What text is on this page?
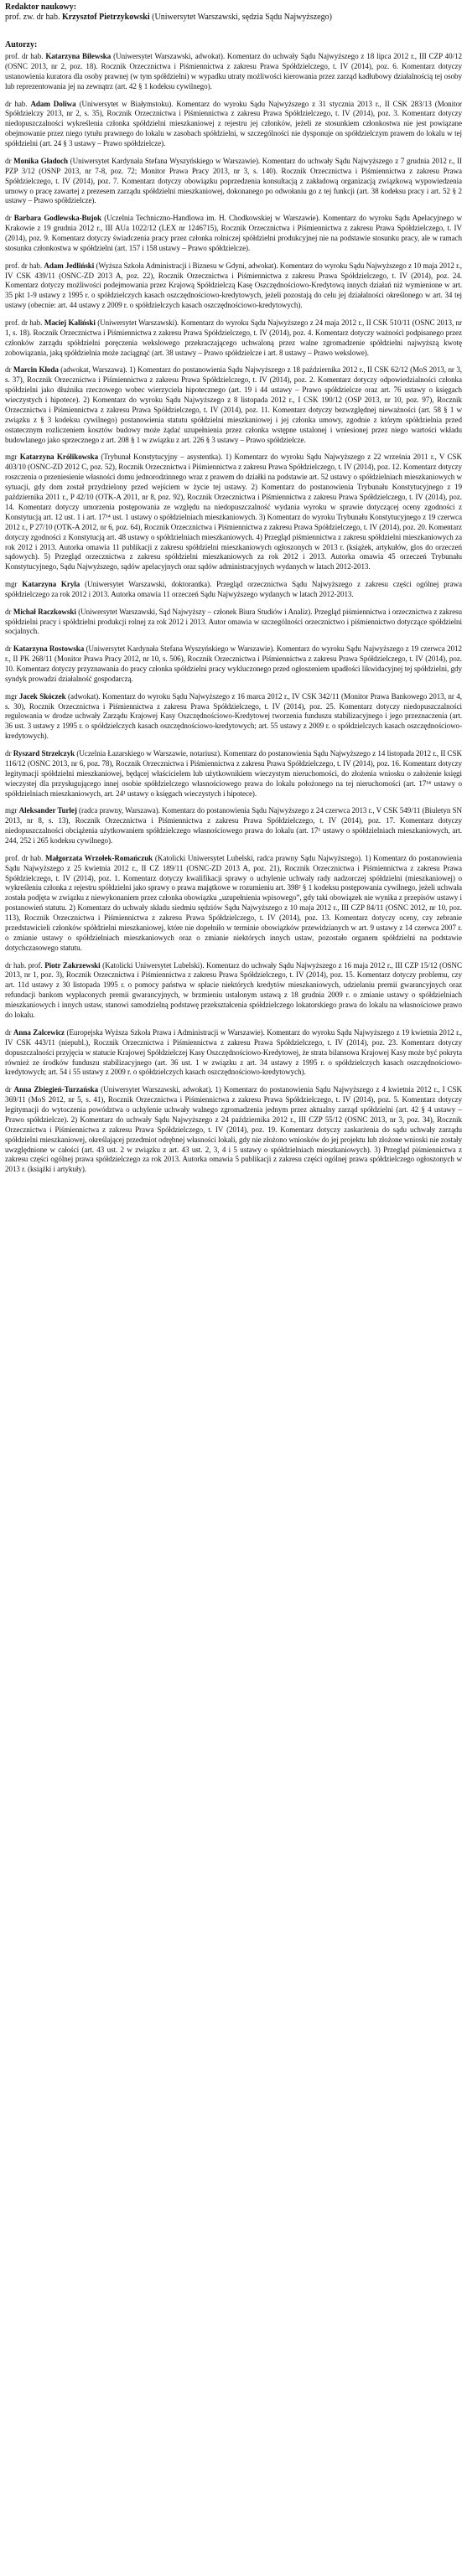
Redaktor naukowy:
prof. zw. dr hab. Krzysztof Pietrzykowski (Uniwersytet Warszawski, sędzia Sądu Najwyższego)
Autorzy:

prof. dr hab. Katarzyna Bilewska (Uniwersytet Warszawski, adwokat). Komentarz do uchwały Sądu Najwyższego z 18 lipca 2012 r., III CZP 40/12 (OSNC 2013, nr 2, poz. 18). Rocznik Orzecznictwa i Piśmiennictwa z zakresu Prawa Spółdzielczego, t. IV (2014), poz. 6. Komentarz dotyczy ustanowienia kuratora dla osoby prawnej (w tym spółdzielni) w wypadku utraty możliwości kierowania przez zarząd kadłubowy działalnością tej osoby lub reprezentowania jej na zewnątrz (art. 42 § 1 kodeksu cywilnego).

dr hab. Adam Doliwa (Uniwersytet w Białymstoku). Komentarz do wyroku Sądu Najwyższego z 31 stycznia 2013 r., II CSK 283/13 (Monitor Spółdzielczy 2013, nr 2, s. 35), Rocznik Orzecznictwa i Piśmiennictwa z zakresu Prawa Spółdzielczego, t. IV (2014), poz. 3. Komentarz dotyczy niedopuszczalności wykreślenia członka spółdzielni mieszkaniowej z rejestru jej członków, jeżeli ze stosunkiem członkostwa nie jest powiązane obejmowanie przez niego tytułu prawnego do lokalu w zasobach spółdzielni, w szczególności nie dysponuje on spółdzielczym prawem do lokalu w tej spółdzielni (art. 24 § 3 ustawy – Prawo spółdzielcze).

dr Monika Gładoch (Uniwersytet Kardynała Stefana Wyszyńskiego w Warszawie). Komentarz do uchwały Sądu Najwyższego z 7 grudnia 2012 r., II PZP 3/12 (OSNP 2013, nr 7-8, poz. 72; Monitor Prawa Pracy 2013, nr 3, s. 140). Rocznik Orzecznictwa i Piśmiennictwa z zakresu Prawa Spółdzielczego, t. IV (2014), poz. 7. Komentarz dotyczy obowiązku poprzedzenia konsultacją z zakładową organizacją związkową wypowiedzenia umowy o pracę zawartej z prezesem zarządu spółdzielni mieszkaniowej, dokonanego po odwołaniu go z tej funkcji (art. 38 kodeksu pracy i art. 52 § 2 ustawy – Prawo spółdzielcze).

dr Barbara Godlewska-Bujok (Uczelnia Techniczno-Handlowa im. H. Chodkowskiej w Warszawie). Komentarz do wyroku Sądu Apelacyjnego w Krakowie z 19 grudnia 2012 r., III AUa 1022/12 (LEX nr 1246715), Rocznik Orzecznictwa i Piśmiennictwa z zakresu Prawa Spółdzielczego, t. IV (2014), poz. 9. Komentarz dotyczy świadczenia pracy przez członka rolniczej spółdzielni produkcyjnej nie na podstawie stosunku pracy, ale w ramach stosunku członkostwa w spółdzielni (art. 157 i 158 ustawy – Prawo spółdzielcze).

prof. dr hab. Adam Jedliński (Wyższa Szkoła Administracji i Biznesu w Gdyni, adwokat). Komentarz do wyroku Sądu Najwyższego z 10 maja 2012 r., IV CSK 439/11 (OSNC-ZD 2013 A, poz. 22), Rocznik Orzecznictwa i Piśmiennictwa z zakresu Prawa Spółdzielczego, t. IV (2014), poz. 24. Komentarz dotyczy możliwości podejmowania przez Krajową Spółdzielczą Kasę Oszczędnościowo-Kredytową innych działań niż wymienione w art. 35 pkt 1-9 ustawy z 1995 r. o spółdzielczych kasach oszczędnościowo-kredytowych, jeżeli pozostają do celu jej działalności określonego w art. 34 tej ustawy (obecnie: art. 44 ustawy z 2009 r. o spółdzielczych kasach oszczędnościowo-kredytowych).

prof. dr hab. Maciej Kaliński (Uniwersytet Warszawski). Komentarz do wyroku Sądu Najwyższego z 24 maja 2012 r., II CSK 510/11 (OSNC 2013, nr 1, s. 18). Rocznik Orzecznictwa i Piśmiennictwa z zakresu Prawa Spółdzielczego, t. IV (2014), poz. 4. Komentarz dotyczy ważności podpisanego przez członków zarządu spółdzielni poręczenia wekslowego przekraczającego uchwaloną przez walne zgromadzenie spółdzielni najwyższą kwotę zobowiązania, jaką spółdzielnia może zaciągnąć (art. 38 ustawy – Prawo spółdzielcze i art. 8 ustawy – Prawo wekslowe).

dr Marcin Kłoda (adwokat, Warszawa). 1) Komentarz do postanowienia Sądu Najwyższego z 18 października 2012 r., II CSK 62/12 (MoS 2013, nr 3, s. 37), Rocznik Orzecznictwa i Piśmiennictwa z zakresu Prawa Spółdzielczego, t. IV (2014), poz. 2. Komentarz dotyczy odpowiedzialności członka spółdzielni jako dłużnika rzeczowego wobec wierzyciela hipotecznego (art. 19 i 44 ustawy – Prawo spółdzielcze oraz art. 76 ustawy o księgach wieczystych i hipotece). 2) Komentarz do wyroku Sądu Najwyższego z 8 listopada 2012 r., I CSK 190/12 (OSP 2013, nr 10, poz. 97), Rocznik Orzecznictwa i Piśmiennictwa z zakresu Prawa Spółdzielczego, t. IV (2014), poz. 11. Komentarz dotyczy bezwzględnej nieważności (art. 58 § 1 w związku z § 3 kodeksu cywilnego) postanowienia statutu spółdzielni mieszkaniowej i jej członka umowy, zgodnie z którym spółdzielnia przed ostatecznym rozliczeniem kosztów budowy może żądać uzupełnienia przez członka wstępne ustalonej i wniesionej przez niego wartości wkładu budowlanego jako sprzecznego z art. 208 § 1 w związku z art. 226 § 3 ustawy – Prawo spółdzielcze.

mgr Katarzyna Królikowska (Trybunał Konstytucyjny – asystentka). 1) Komentarz do wyroku Sądu Najwyższego z 22 września 2011 r., V CSK 403/10 (OSNC-ZD 2012 C, poz. 52), Rocznik Orzecznictwa i Piśmiennictwa z zakresu Prawa Spółdzielczego, t. IV (2014), poz. 12. Komentarz dotyczy roszczenia o przeniesienie własności domu jednorodzinnego wraz z prawem do działki na podstawie art. 52 ustawy o spółdzielniach mieszkaniowych w sytuacji, gdy dom został przydzielony przed wejściem w życie tej ustawy. 2) Komentarz do postanowienia Trybunału Konstytucyjnego z 19 października 2011 r., P 42/10 (OTK-A 2011, nr 8, poz. 92), Rocznik Orzecznictwa i Piśmiennictwa z zakresu Prawa Spółdzielczego, t. IV (2014), poz. 14. Komentarz dotyczy umorzenia postępowania ze względu na niedopuszczalność wydania wyroku w sprawie dotyczącej oceny zgodności z Konstytucją art. 12 ust. 1 i art. 17¹⁴ ust. 1 ustawy o spółdzielniach mieszkaniowych. 3) Komentarz do wyroku Trybunału Konstytucyjnego z 19 czerwca 2012 r., P 27/10 (OTK-A 2012, nr 6, poz. 64), Rocznik Orzecznictwa i Piśmiennictwa z zakresu Prawa Spółdzielczego, t. IV (2014), poz. 20. Komentarz dotyczy zgodności z Konstytucją art. 48 ustawy o spółdzielniach mieszkaniowych. 4) Przegląd piśmiennictwa z zakresu spółdzielni mieszkaniowych za rok 2012 i 2013. Autorka omawia 11 publikacji z zakresu spółdzielni mieszkaniowych ogłoszonych w 2013 r. (książek, artykułów, glos do orzeczeń sądowych). 5) Przegląd orzecznictwa z zakresu spółdzielni mieszkaniowych za rok 2012 i 2013. Autorka omawia 45 orzeczeń Trybunału Konstytucyjnego, Sądu Najwyższego, sądów apelacyjnych oraz sądów administracyjnych wydanych w latach 2012-2013.

mgr Katarzyna Kryla (Uniwersytet Warszawski, doktorantka). Przegląd orzecznictwa Sądu Najwyższego z zakresu części ogólnej prawa spółdzielczego za rok 2012 i 2013. Autorka omawia 11 orzeczeń Sądu Najwyższego wydanych w latach 2012-2013.

dr Michał Raczkowski (Uniwersytet Warszawski, Sąd Najwyższy – członek Biura Studiów i Analiz). Przegląd piśmiennictwa i orzecznictwa z zakresu spółdzielni pracy i spółdzielni produkcji rolnej za rok 2012 i 2013. Autor omawia w szczególności orzecznictwo i piśmiennictwo dotyczące spółdzielni socjalnych.

dr Katarzyna Rostowska (Uniwersytet Kardynała Stefana Wyszyńskiego w Warszawie). Komentarz do wyroku Sądu Najwyższego z 19 czerwca 2012 r., II PK 268/11 (Monitor Prawa Pracy 2012, nr 10, s. 506), Rocznik Orzecznictwa i Piśmiennictwa z zakresu Prawa Spółdzielczego, t. IV (2014), poz. 10. Komentarz dotyczy przyznawania do pracy członka spółdzielni pracy wykluczonego przed ogłoszeniem upadłości likwidacyjnej tej spółdzielni, gdy syndyk prowadzi działalność gospodarczą.

mgr Jacek Skóczek (adwokat). Komentarz do wyroku Sądu Najwyższego z 16 marca 2012 r., IV CSK 342/11 (Monitor Prawa Bankowego 2013, nr 4, s. 30), Rocznik Orzecznictwa i Piśmiennictwa z zakresu Prawa Spółdzielczego, t. IV (2014), poz. 25. Komentarz dotyczy niedopuszczalności regulowania w drodze uchwały Zarządu Krajowej Kasy Oszczędnościowo-Kredytowej tworzenia funduszu stabilizacyjnego i jego przeznaczenia (art. 36 ust. 3 ustawy z 1995 r. o spółdzielczych kasach oszczędnościowo-kredytowych; art. 55 ustawy z 2009 r. o spółdzielczych kasach oszczędnościowo-kredytowych).

dr Ryszard Strzelczyk (Uczelnia Łazarskiego w Warszawie, notariusz). Komentarz do postanowienia Sądu Najwyższego z 14 listopada 2012 r., II CSK 116/12 (OSNC 2013, nr 6, poz. 78), Rocznik Orzecznictwa i Piśmiennictwa z zakresu Prawa Spółdzielczego, t. IV (2014), poz. 16. Komentarz dotyczy legitymacji spółdzielni mieszkaniowej, będącej właścicielem lub użytkownikiem wieczystym nieruchomości, do złożenia wniosku o założenie księgi wieczystej dla przysługującego innej osobie spółdzielczego własnościowego prawa do lokalu położonego na tej nieruchomości (art. 17¹⁴ ustawy o spółdzielniach mieszkaniowych, art. 24¹ ustawy o księgach wieczystych i hipotece).

mgr Aleksander Turlej (radca prawny, Warszawa). Komentarz do postanowienia Sądu Najwyższego z 24 czerwca 2013 r., V CSK 549/11 (Biuletyn SN 2013, nr 8, s. 13), Rocznik Orzecznictwa i Piśmiennictwa z zakresu Prawa Spółdzielczego, t. IV (2014), poz. 17. Komentarz dotyczy niedopuszczalności obciążenia użytkowaniem spółdzielczego własnościowego prawa do lokalu (art. 17¹ ustawy o spółdzielniach mieszkaniowych, art. 244, 252 i 265 kodeksu cywilnego).

prof. dr hab. Małgorzata Wrzołek-Romańczuk (Katolicki Uniwersytet Lubelski, radca prawny Sądu Najwyższego). 1) Komentarz do postanowienia Sądu Najwyższego z 25 kwietnia 2012 r., II CZ 189/11 (OSNC-ZD 2013 A, poz. 21), Rocznik Orzecznictwa i Piśmiennictwa z zakresu Prawa Spółdzielczego, t. IV (2014), poz. 1. Komentarz dotyczy kwalifikacji sprawy o uchylenie uchwały rady nadzorczej spółdzielni (mieszkaniowej) o wykreśleniu członka z rejestru spółdzielni jako sprawy o prawa majątkowe w rozumieniu art. 398² § 1 kodeksu postępowania cywilnego, jeżeli uchwała została podjęta w związku z niewykonaniem przez członka obowiązku „uzupełnienia wpisowego”, gdy taki obowiązek nie wynika z przepisów ustawy i postanowień statutu. 2) Komentarz do uchwały składu siedmiu sędziów Sądu Najwyższego z 10 maja 2012 r., III CZP 84/11 (OSNC 2012, nr 10, poz. 113), Rocznik Orzecznictwa i Piśmiennictwa z zakresu Prawa Spółdzielczego, t. IV (2014), poz. 13. Komentarz dotyczy oceny, czy zebranie przedstawicieli członków spółdzielni mieszkaniowej, które nie dopełniło w terminie obowiązków przewidzianych w art. 9 ustawy z 14 czerwca 2007 r. o zmianie ustawy o spółdzielniach mieszkaniowych oraz o zmianie niektórych innych ustaw, pozostało organem spółdzielni na podstawie dotychczasowego statutu.

dr hab. prof. Piotr Zakrzewski (Katolicki Uniwersytet Lubelski). Komentarz do uchwały Sądu Najwyższego z 16 maja 2012 r., III CZP 15/12 (OSNC 2013, nr 1, poz. 3), Rocznik Orzecznictwa i Piśmiennictwa z zakresu Prawa Spółdzielczego, t. IV (2014), poz. 15. Komentarz dotyczy problemu, czy art. 11d ustawy z 30 listopada 1995 r. o pomocy państwa w spłacie niektórych kredytów mieszkaniowych, udzielaniu premii gwarancyjnych oraz refundacji bankom wypłaconych premii gwarancyjnych, w brzmieniu ustalonym ustawą z 18 grudnia 2009 r. o zmianie ustawy o spółdzielniach mieszkaniowych i innych ustaw, stanowi samodzielną podstawę przekształcenia spółdzielczego lokatorskiego prawa do lokalu na własnościowe prawo do lokalu.

dr Anna Zalcewicz (Europejska Wyższa Szkoła Prawa i Administracji w Warszawie). Komentarz do wyroku Sądu Najwyższego z 19 kwietnia 2012 r., IV CSK 443/11 (niepubl.), Rocznik Orzecznictwa i Piśmiennictwa z zakresu Prawa Spółdzielczego, t. IV (2014), poz. 23. Komentarz dotyczy dopuszczalności przyjęcia w statucie Krajowej Spółdzielczej Kasy Oszczędnościowo-Kredytowej, że strata bilansowa Krajowej Kasy może być pokryta również ze środków funduszu stabilizacyjnego (art. 36 ust. 1 w związku z art. 34 ustawy z 1995 r. o spółdzielczych kasach oszczędnościowo-kredytowych; art. 54 i 55 ustawy z 2009 r. o spółdzielczych kasach oszczędnościowo-kredytowych).

dr Anna Zbiegień-Turzańska (Uniwersytet Warszawski, adwokat). 1) Komentarz do postanowienia Sądu Najwyższego z 4 kwietnia 2012 r., I CSK 369/11 (MoS 2012, nr 5, s. 41), Rocznik Orzecznictwa i Piśmiennictwa z zakresu Prawa Spółdzielczego, t. IV (2014), poz. 5. Komentarz dotyczy legitymacji do wytoczenia powództwa o uchylenie uchwały walnego zgromadzenia jednym przez aktualny zarząd spółdzielni (art. 42 § 4 ustawy – Prawo spółdzielcze). 2) Komentarz do uchwały Sądu Najwyższego z 24 października 2012 r., III CZP 55/12 (OSNC 2013, nr 3, poz. 34), Rocznik Orzecznictwa i Piśmiennictwa z zakresu Prawa Spółdzielczego, t. IV (2014), poz. 19. Komentarz dotyczy zaskarżenia do sądu uchwały zarządu spółdzielni mieszkaniowej, określającej przedmiot odrębnej własności lokali, gdy nie złożono wniosków do jej projektu lub złożone wnioski nie zostały uwzględnione w całości (art. 43 ust. 2 w związku z art. 43 ust. 2, 3, 4 i 5 ustawy o spółdzielniach mieszkaniowych). 3) Przegląd piśmiennictwa z zakresu części ogólnej prawa spółdzielczego za rok 2013. Autorka omawia 5 publikacji z zakresu części ogólnej prawa spółdzielczego ogłoszonych w 2013 r. (książki i artykuły).
